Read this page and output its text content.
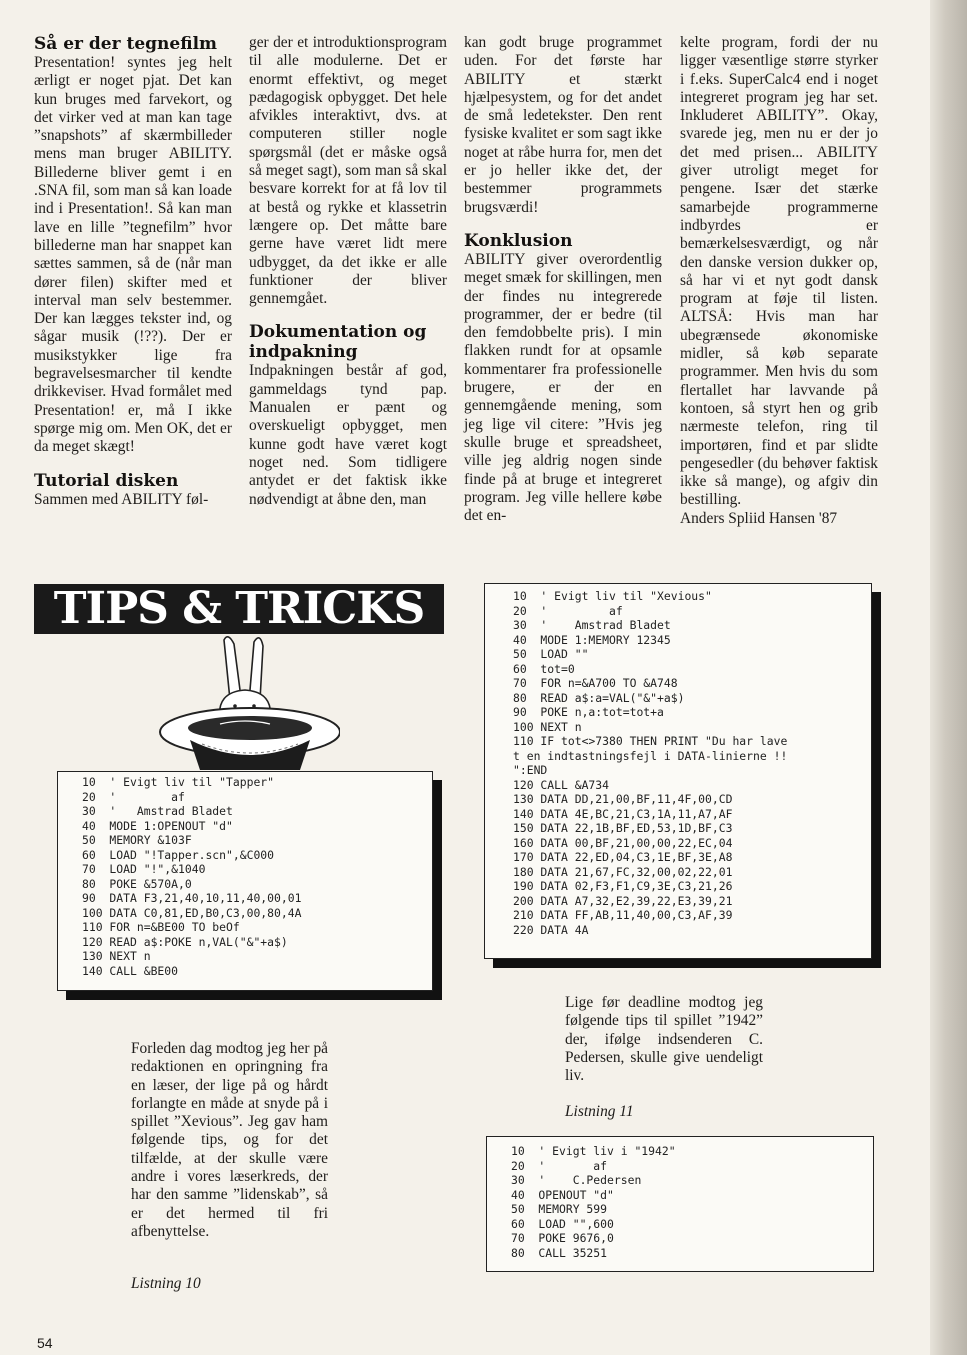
Så er der tegnefilm

Presentation! syntes jeg helt ærligt er noget pjat. Det kan kun bruges med farvekort, og det virker ved at man kan tage ”snapshots” af skærmbilleder mens man bruger ABILITY. Billederne bliver gemt i en .SNA fil, som man så kan loade ind i Presentation!. Så kan man lave en lille ”tegnefilm” hvor billederne man har snappet kan sættes sammen, så de (når man dører filen) skifter med et interval man selv bestemmer. Der kan lægges tekster ind, og sågar musik (!??). Der er musikstykker lige fra begravelsesmarcher til kendte drikkeviser. Hvad formålet med Presentation! er, må I ikke spørge mig om. Men OK, det er da meget skægt!

Tutorial disken

Sammen med ABILITY føl-

ger der et introduktionsprogram til alle modulerne. Det er enormt effektivt, og meget pædagogisk opbygget. Det hele afvikles interaktivt, dvs. at computeren stiller nogle spørgsmål (det er måske også så meget sagt), som man så skal besvare korrekt for at få lov til at bestå og rykke et klassetrin længere op. Det måtte bare gerne have været lidt mere udbygget, da det ikke er alle funktioner der bliver gennemgået.

Dokumentation og indpakning

Indpakningen består af god, gammeldags tynd pap. Manualen er pænt og overskueligt opbygget, men kunne godt have været kogt noget ned. Som tidligere antydet er det faktisk ikke nødvendigt at åbne den, man

kan godt bruge programmet uden. For det første har ABILITY et stærkt hjælpesystem, og for det andet de små ledetekster. Den rent fysiske kvalitet er som sagt ikke noget at råbe hurra for, men det er jo heller ikke det, der bestemmer programmets brugsværdi!

Konklusion

ABILITY giver overordentlig meget smæk for skillingen, men der findes nu integrerede programmer, der er bedre (til den femdobbelte pris). I min flakken rundt for at opsamle kommentarer fra professionelle brugere, er der en gennemgående mening, som jeg lige vil citere: ”Hvis jeg skulle bruge et spreadsheet, ville jeg aldrig nogen sinde finde på at bruge et integreret program. Jeg ville hellere købe det en-

kelte program, fordi der nu ligger væsentlige større styrker i f.eks. SuperCalc4 end i noget integreret program jeg har set. Inkluderet ABILITY”. Okay, svarede jeg, men nu er der jo det med prisen... ABILITY giver utroligt meget for pengene. Især det stærke samarbejde programmerne indbyrdes er bemærkelsesværdigt, og når den danske version dukker op, så har vi et nyt godt dansk program at føje til listen. ALTSÅ: Hvis man har ubegrænsede økonomiske midler, så køb separate programmer. Men hvis du som flertallet har lavvande på kontoen, så styrt hen og grib nærmeste telefon, ring til importøren, find et par slidte pengesedler (du behøver faktisk ikke så mange), og afgiv din bestilling.

Anders Spliid Hansen '87

TIPS & TRICKS
10  ' Evigt liv til "Tapper"
20  '        af
30  '   Amstrad Bladet
40  MODE 1:OPENOUT "d"
50  MEMORY &103F
60  LOAD "!Tapper.scn",&C000
70  LOAD "!",&1040
80  POKE &570A,0
90  DATA F3,21,40,10,11,40,00,01
100 DATA C0,81,ED,B0,C3,00,80,4A
110 FOR n=&BE00 TO beOf
120 READ a$:POKE n,VAL("&"+a$)
130 NEXT n
140 CALL &BE00
10  ' Evigt liv til "Xevious"
20  '         af
30  '    Amstrad Bladet
40  MODE 1:MEMORY 12345
50  LOAD ""
60  tot=0
70  FOR n=&A700 TO &A748
80  READ a$:a=VAL("&"+a$)
90  POKE n,a:tot=tot+a
100 NEXT n
110 IF tot<>7380 THEN PRINT "Du har lave
t en indtastningsfejl i DATA-linierne !!
":END
120 CALL &A734
130 DATA DD,21,00,BF,11,4F,00,CD
140 DATA 4E,BC,21,C3,1A,11,A7,AF
150 DATA 22,1B,BF,ED,53,1D,BF,C3
160 DATA 00,BF,21,00,00,22,EC,04
170 DATA 22,ED,04,C3,1E,BF,3E,A8
180 DATA 21,67,FC,32,00,02,22,01
190 DATA 02,F3,F1,C9,3E,C3,21,26
200 DATA A7,32,E2,39,22,E3,39,21
210 DATA FF,AB,11,40,00,C3,AF,39
220 DATA 4A
10  ' Evigt liv i "1942"
20  '       af
30  '    C.Pedersen
40  OPENOUT "d"
50  MEMORY 599
60  LOAD "",600
70  POKE 9676,0
80  CALL 35251
Forleden dag modtog jeg her på redaktionen en opringning fra en læser, der lige på og hårdt forlangte en måde at snyde på i spillet ”Xevious”. Jeg gav ham følgende tips, og for det tilfælde, at der skulle være andre i vores læserkreds, der har den samme ”lidenskab”, så er det hermed til fri afbenyttelse.
Listning 10
Lige før deadline modtog jeg følgende tips til spillet ”1942” der, ifølge indsenderen C. Pedersen, skulle give uendeligt liv.
Listning 11
54
